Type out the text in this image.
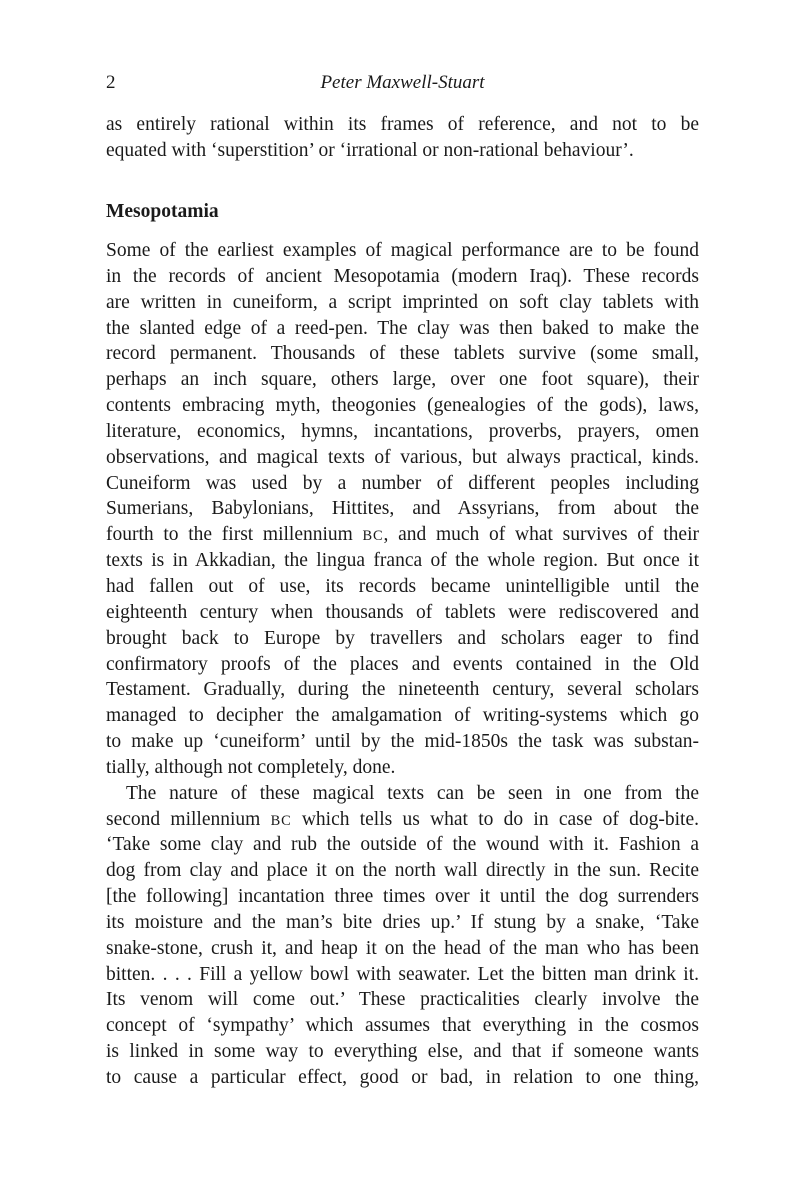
2	Peter Maxwell-Stuart
as entirely rational within its frames of reference, and not to be
equated with ‘superstition’ or ‘irrational or non-rational behaviour’.
Mesopotamia
Some of the earliest examples of magical performance are to be found
in the records of ancient Mesopotamia (modern Iraq). These records
are written in cuneiform, a script imprinted on soft clay tablets with
the slanted edge of a reed-pen. The clay was then baked to make the
record permanent. Thousands of these tablets survive (some small,
perhaps an inch square, others large, over one foot square), their
contents embracing myth, theogonies (genealogies of the gods), laws,
literature, economics, hymns, incantations, proverbs, prayers, omen
observations, and magical texts of various, but always practical, kinds.
Cuneiform was used by a number of different peoples including
Sumerians, Babylonians, Hittites, and Assyrians, from about the
fourth to the first millennium BC, and much of what survives of their
texts is in Akkadian, the lingua franca of the whole region. But once it
had fallen out of use, its records became unintelligible until the
eighteenth century when thousands of tablets were rediscovered and
brought back to Europe by travellers and scholars eager to find
confirmatory proofs of the places and events contained in the Old
Testament. Gradually, during the nineteenth century, several scholars
managed to decipher the amalgamation of writing-systems which go
to make up ‘cuneiform’ until by the mid-1850s the task was substan-
tially, although not completely, done.
The nature of these magical texts can be seen in one from the
second millennium BC which tells us what to do in case of dog-bite.
‘Take some clay and rub the outside of the wound with it. Fashion a
dog from clay and place it on the north wall directly in the sun. Recite
[the following] incantation three times over it until the dog surrenders
its moisture and the man’s bite dries up.’ If stung by a snake, ‘Take
snake-stone, crush it, and heap it on the head of the man who has been
bitten. . . . Fill a yellow bowl with seawater. Let the bitten man drink it.
Its venom will come out.’ These practicalities clearly involve the
concept of ‘sympathy’ which assumes that everything in the cosmos
is linked in some way to everything else, and that if someone wants
to cause a particular effect, good or bad, in relation to one thing,
